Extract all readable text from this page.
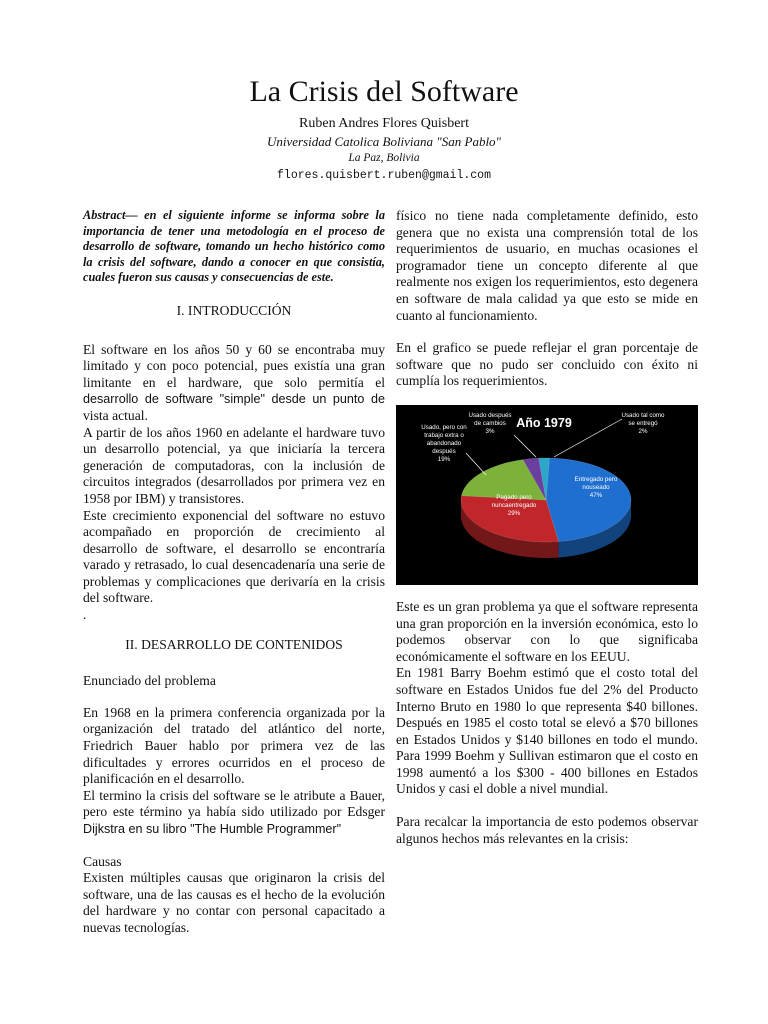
La Crisis del Software
Ruben Andres Flores Quisbert
Universidad Catolica Boliviana "San Pablo"
La Paz, Bolivia
flores.quisbert.ruben@gmail.com

Abstract— en el siguiente informe se informa sobre la importancia de tener una metodología en el proceso de desarrollo de software, tomando un hecho histórico como la crisis del software, dando a conocer en que consistía, cuales fueron sus causas y consecuencias de este.

I. INTRODUCCIÓN

El software en los años 50 y 60 se encontraba muy limitado y con poco potencial, pues existía una gran limitante en el hardware, que solo permitía el desarrollo de software "simple" desde un punto de vista actual.

A partir de los años 1960 en adelante el hardware tuvo un desarrollo potencial, ya que iniciaría la tercera generación de computadoras, con la inclusión de circuitos integrados (desarrollados por primera vez en 1958 por IBM) y transistores.

Este crecimiento exponencial del software no estuvo acompañado en proporción de crecimiento al desarrollo de software, el desarrollo se encontraría varado y retrasado, lo cual desencadenaría una serie de problemas y complicaciones que derivaría en la crisis del software.

.

II. DESARROLLO DE CONTENIDOS

Enunciado del problema

En 1968 en la primera conferencia organizada por la organización del tratado del atlántico del norte, Friedrich Bauer hablo por primera vez de las dificultades y errores ocurridos en el proceso de planificación en el desarrollo.

El termino la crisis del software se le atribute a Bauer, pero este término ya había sido utilizado por Edsger Dijkstra en su libro "The Humble Programmer"

Causas

Existen múltiples causas que originaron la crisis del software, una de las causas es el hecho de la evolución del hardware y no contar con personal capacitado a nuevas tecnologías.

físico no tiene nada completamente definido, esto genera que no exista una comprensión total de los requerimientos de usuario, en muchas ocasiones el programador tiene un concepto diferente al que realmente nos exigen los requerimientos, esto degenera en software de mala calidad ya que esto se mide en cuanto al funcionamiento.

En el grafico se puede reflejar el gran porcentaje de software que no pudo ser concluido con éxito ni cumplía los requerimientos.

Año 1979
Entregado pero nouseado 47%
Pagado pero nuncaentregado 29%
Usado, pero con trabajo extra o abandonado después 19%
Usado después de cambios 3%
Usado tal como se entregó 2%

Este es un gran problema ya que el software representa una gran proporción en la inversión económica, esto lo podemos observar con lo que significaba económicamente el software en los EEUU.

En 1981 Barry Boehm estimó que el costo total del software en Estados Unidos fue del 2% del Producto Interno Bruto en 1980 lo que representa $40 billones. Después en 1985 el costo total se elevó a $70 billones en Estados Unidos y $140 billones en todo el mundo. Para 1999 Boehm y Sullivan estimaron que el costo en 1998 aumentó a los $300 - 400 billones en Estados Unidos y casi el doble a nivel mundial.

Para recalcar la importancia de esto podemos observar algunos hechos más relevantes en la crisis:
